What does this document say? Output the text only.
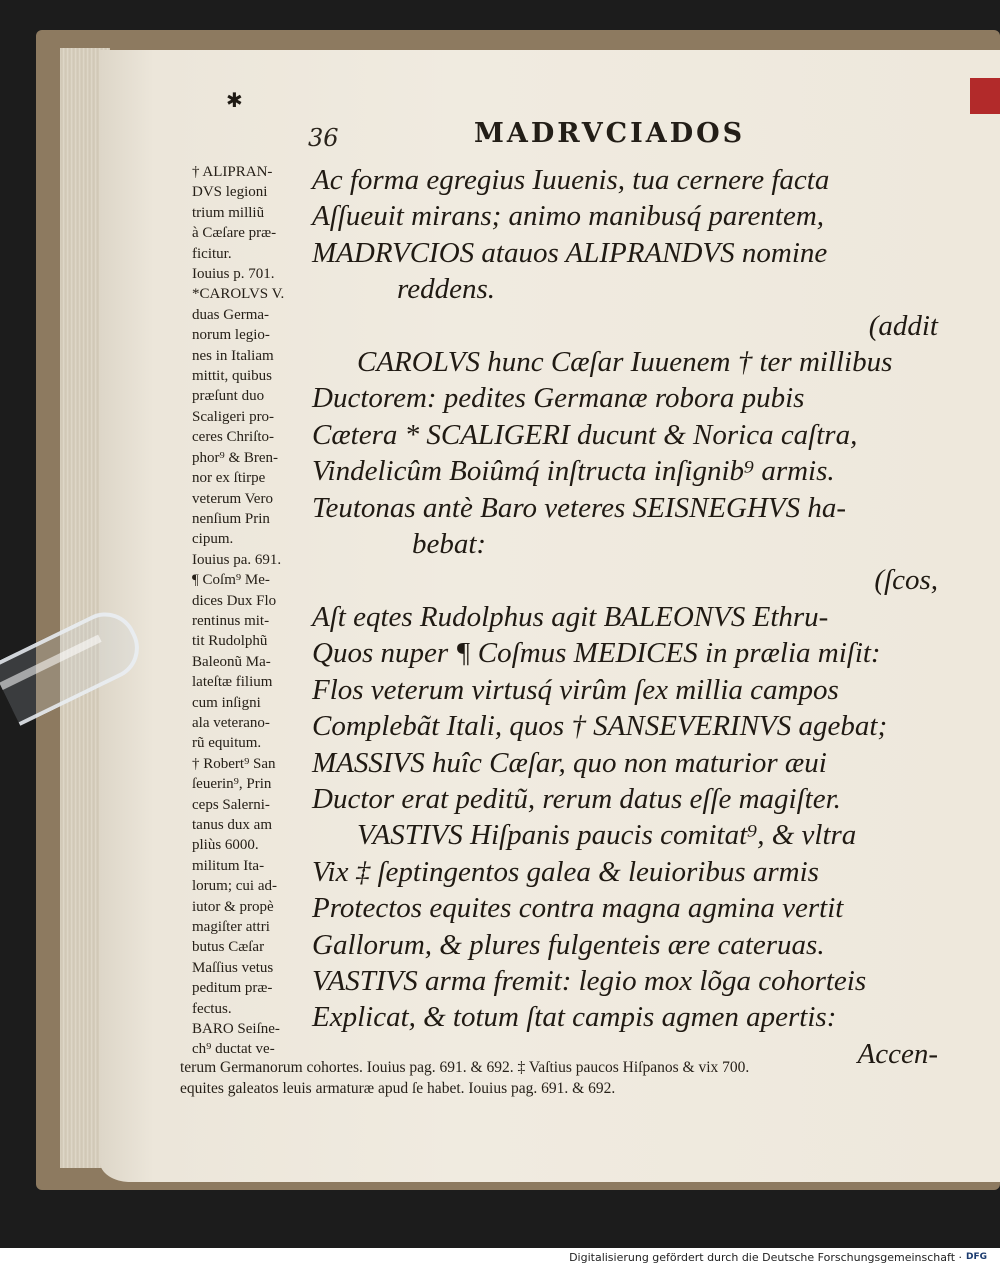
✱
36	MADRVCIADOS
† ALIPRAN-
DVS legioni
trium milliũ
à Cæſare præ-
ficitur.
Iouius p. 701.
*CAROLVS V.
duas Germa-
norum legio-
nes in Italiam
mittit, quibus
præſunt duo
Scaligeri pro-
ceres Chriſto-
phor⁹ & Bren-
nor ex ſtirpe
veterum Vero
nenſium Prin
cipum.
Iouius pa. 691.
¶ Coſm⁹ Me-
dices Dux Flo
rentinus mit-
tit Rudolphũ
Baleonũ Ma-
lateſtæ filium
cum inſigni
ala veterano-
rũ equitum.
† Robert⁹ San
ſeuerin⁹, Prin
ceps Salerni-
tanus dux am
pliùs 6000.
militum Ita-
lorum; cui ad-
iutor & propè
magiſter attri
butus Cæſar
Maſſius vetus
peditum præ-
fectus.
BARO Seiſne-
ch⁹ ductat ve-
Ac forma egregius Iuuenis, tua cernere facta
Aſſueuit mirans; animo manibusq́ parentem,
MADRVCIOS atauos ALIPRANDVS nomine
reddens.
(addit
CAROLVS hunc Cæſar Iuuenem † ter millibus
Ductorem: pedites Germanæ robora pubis
Cætera * SCALIGERI ducunt & Norica caſtra,
Vindelicûm Boiûmq́ inſtructa inſignib⁹ armis.
Teutonas antè Baro veteres SEISNEGHVS ha-
bebat:
(ſcos,
Aſt eqtes Rudolphus agit BALEONVS Ethru-
Quos nuper ¶ Coſmus MEDICES in prælia miſit:
Flos veterum virtusq́ virûm ſex millia campos
Complebãt Itali, quos † SANSEVERINVS agebat;
MASSIVS huîc Cæſar, quo non maturior æui
Ductor erat peditũ, rerum datus eſſe magiſter.
VASTIVS Hiſpanis paucis comitat⁹, & vltra
Vix ‡ ſeptingentos galea & leuioribus armis
Protectos equites contra magna agmina vertit
Gallorum, & plures fulgenteis ære cateruas.
VASTIVS arma fremit: legio mox lõga cohorteis
Explicat, & totum ſtat campis agmen apertis:
Accen-
terum Germanorum cohortes. Iouius pag. 691. & 692. ‡ Vaſtius paucos Hiſpanos & vix 700.
equites galeatos leuis armaturæ apud ſe habet. Iouius pag. 691. & 692.
Digitalisierung gefördert durch die Deutsche Forschungsgemeinschaft · DFG
